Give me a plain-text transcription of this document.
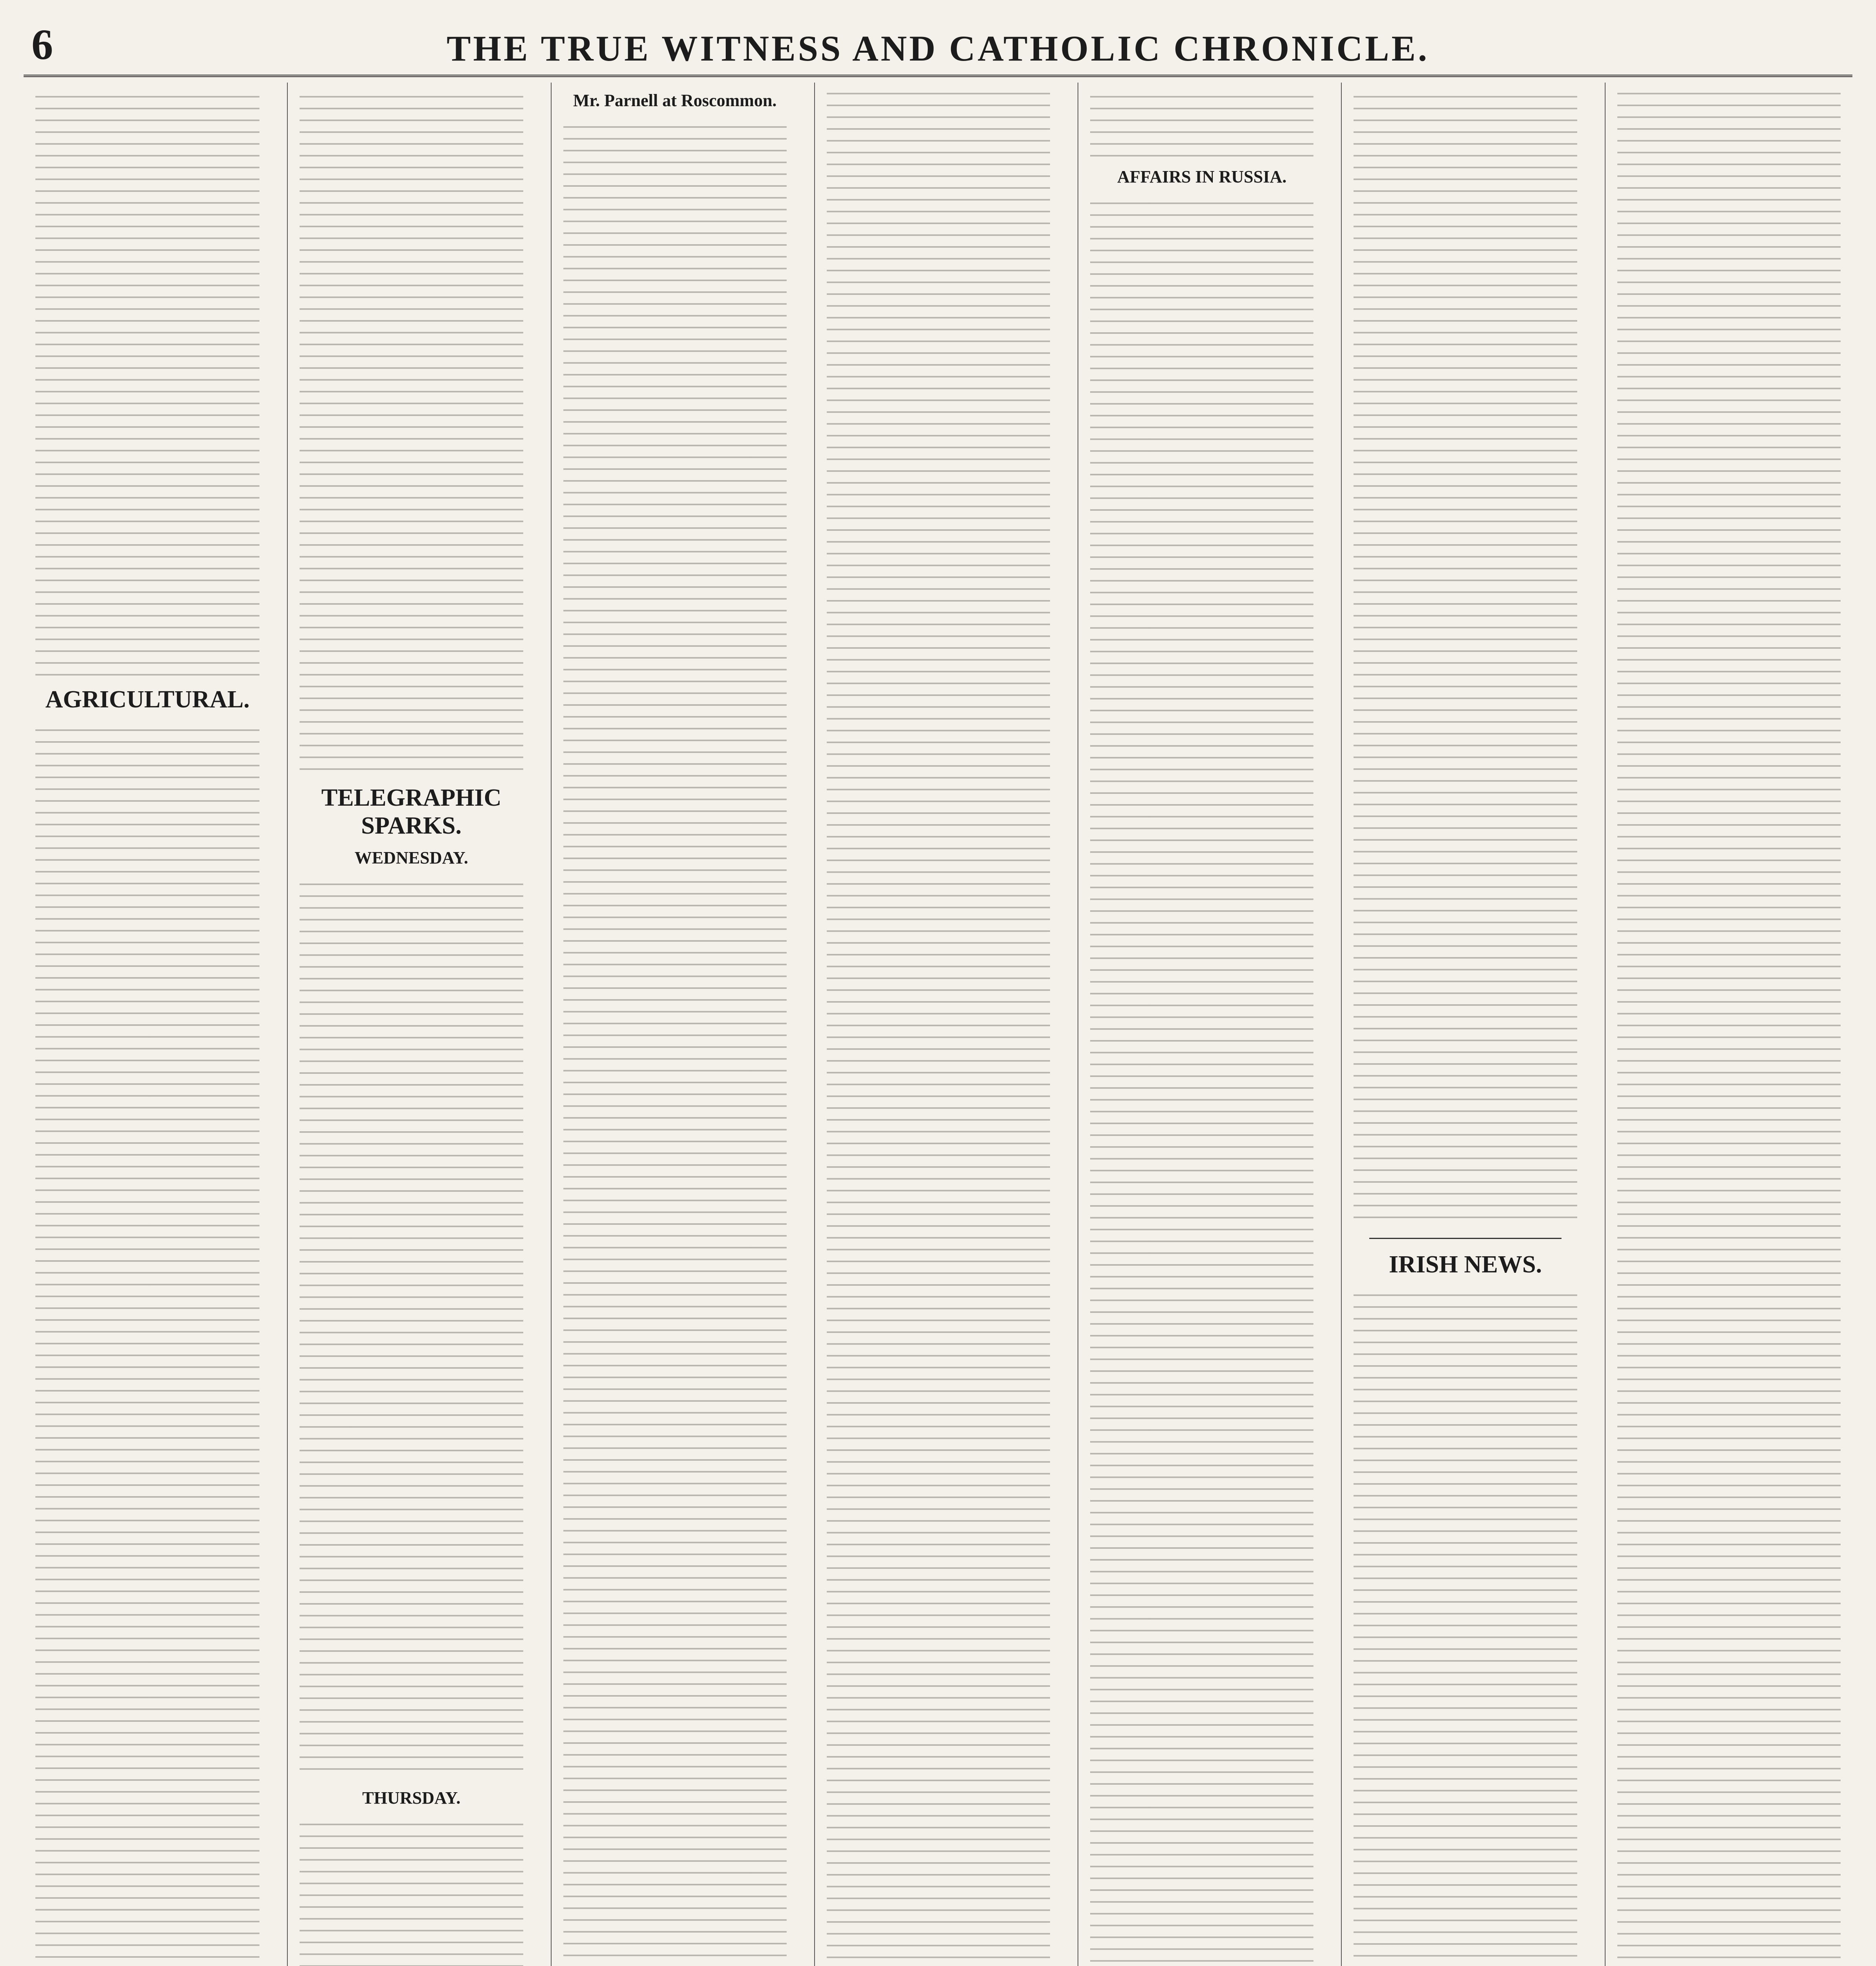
6	THE TRUE WITNESS AND CATHOLIC CHRONICLE.
AGRICULTURAL.
TELEGRAPHIC SPARKS.
WEDNESDAY.
THURSDAY.
Mr. Parnell at Roscommon.
AFFAIRS IN RUSSIA.
IRISH NEWS.
